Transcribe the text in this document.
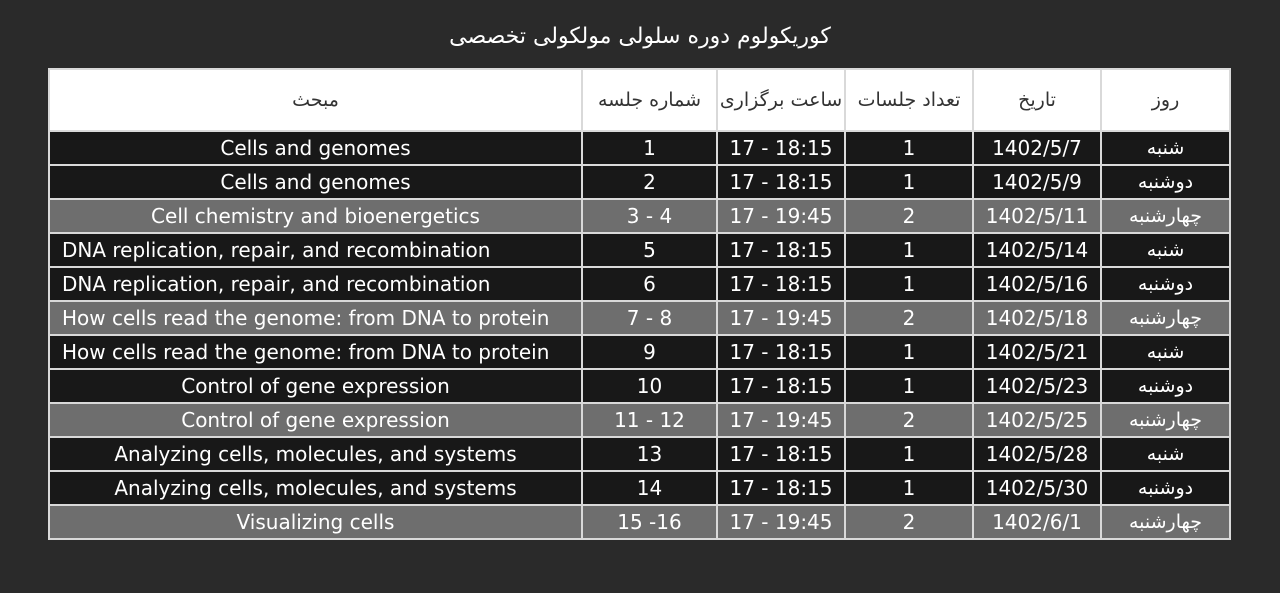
کوریکولوم دوره سلولی مولکولی تخصصی
روز	تاریخ	تعداد جلسات	ساعت برگزاری	شماره جلسه	مبحث
شنبه	1402/5/7	1	17 - 18:15	1	Cells and genomes
دوشنبه	1402/5/9	1	17 - 18:15	2	Cells and genomes
چهارشنبه	1402/5/11	2	17 - 19:45	3 - 4	Cell chemistry and bioenergetics
شنبه	1402/5/14	1	17 - 18:15	5	DNA replication, repair, and recombination
دوشنبه	1402/5/16	1	17 - 18:15	6	DNA replication, repair, and recombination
چهارشنبه	1402/5/18	2	17 - 19:45	7 - 8	How cells read the genome: from DNA to protein
شنبه	1402/5/21	1	17 - 18:15	9	How cells read the genome: from DNA to protein
دوشنبه	1402/5/23	1	17 - 18:15	10	Control of gene expression
چهارشنبه	1402/5/25	2	17 - 19:45	11 - 12	Control of gene expression
شنبه	1402/5/28	1	17 - 18:15	13	Analyzing cells, molecules, and systems
دوشنبه	1402/5/30	1	17 - 18:15	14	Analyzing cells, molecules, and systems
چهارشنبه	1402/6/1	2	17 - 19:45	15 -16	Visualizing cells
